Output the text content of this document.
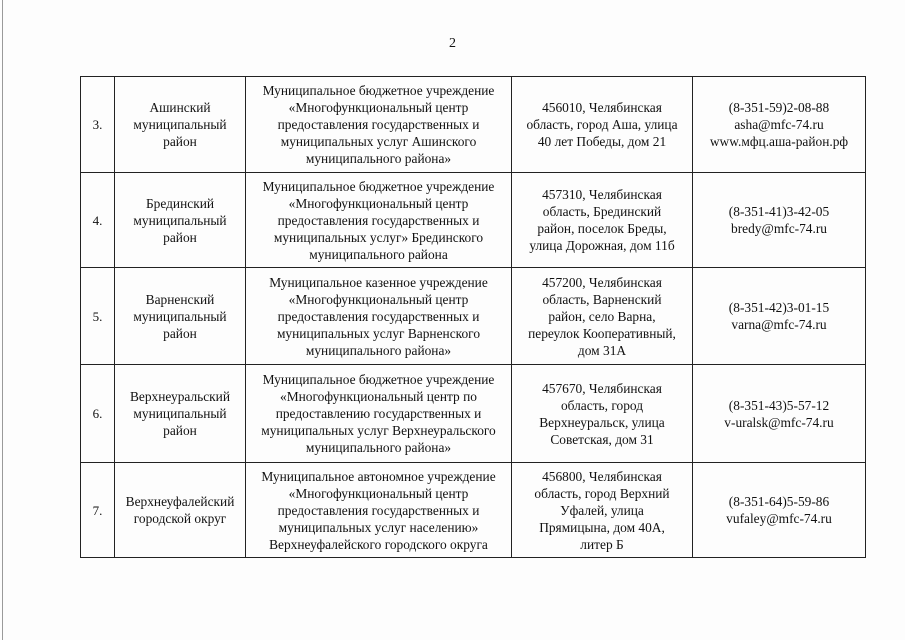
2
3.	Ашинский
муниципальный
район	Муниципальное бюджетное учреждение
«Многофункциональный центр
предоставления государственных и
муниципальных услуг Ашинского
муниципального района»	456010, Челябинская
область, город Аша, улица
40 лет Победы, дом 21	(8-351-59)2-08-88
asha@mfc-74.ru
www.мфц.аша-район.рф

4.	Брединский
муниципальный
район	Муниципальное бюджетное учреждение
«Многофункциональный центр
предоставления государственных и
муниципальных услуг» Брединского
муниципального района	457310, Челябинская
область, Брединский
район, поселок Бреды,
улица Дорожная, дом 11б	(8-351-41)3-42-05
bredy@mfc-74.ru

5.	Варненский
муниципальный
район	Муниципальное казенное учреждение
«Многофункциональный центр
предоставления государственных и
муниципальных услуг Варненского
муниципального района»	457200, Челябинская
область, Варненский
район, село Варна,
переулок Кооперативный,
дом 31А	(8-351-42)3-01-15
varna@mfc-74.ru

6.	Верхнеуральский
муниципальный
район	Муниципальное бюджетное учреждение
«Многофункциональный центр по
предоставлению государственных и
муниципальных услуг Верхнеуральского
муниципального района»	457670, Челябинская
область, город
Верхнеуральск, улица
Советская, дом 31	(8-351-43)5-57-12
v-uralsk@mfc-74.ru

7.	Верхнеуфалейский
городской округ	Муниципальное автономное учреждение
«Многофункциональный центр
предоставления государственных и
муниципальных услуг населению»
Верхнеуфалейского городского округа	456800, Челябинская
область, город Верхний
Уфалей, улица
Прямицына, дом 40А,
литер Б	(8-351-64)5-59-86
vufaley@mfc-74.ru
